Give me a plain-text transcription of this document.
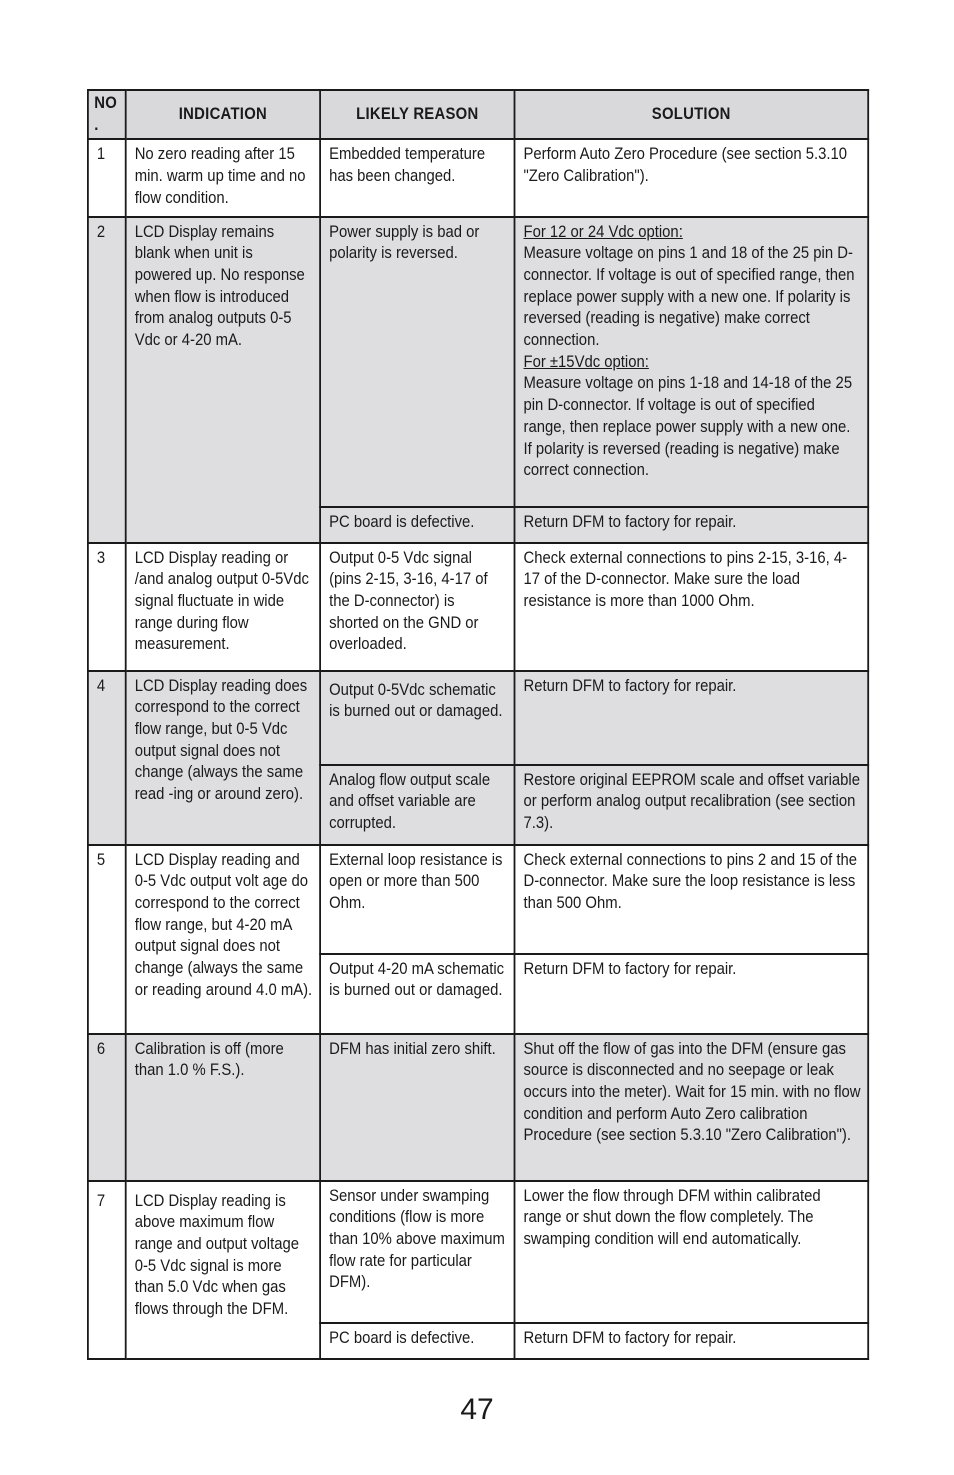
NO.	INDICATION	LIKELY REASON	SOLUTION
1	No zero reading after 15 min. warm up time and no flow condition.	Embedded temperature has been changed.	Perform Auto Zero Procedure (see section 5.3.10 "Zero Calibration").
2	LCD Display remains blank when unit is powered up. No response when flow is introduced from analog outputs 0-5 Vdc or 4-20 mA.	Power supply is bad or polarity is reversed.	For 12 or 24 Vdc option:
Measure voltage on pins 1 and 18 of the 25 pin D-connector. If voltage is out of specified range, then replace power supply with a new one. If polarity is reversed (reading is negative) make correct connection.
For ±15Vdc option:
Measure voltage on pins 1-18 and 14-18 of the 25 pin D-connector. If voltage is out of specified range, then replace power supply with a new one. If polarity is reversed (reading is negative) make correct connection.

		PC board is defective.	Return DFM to factory for repair.
3	LCD Display reading or /and analog output 0-5Vdc signal fluctuate in wide range during flow measurement.	Output 0-5 Vdc signal (pins 2-15, 3-16, 4-17 of the D-connector) is shorted on the GND or overloaded.	Check external connections to pins 2-15, 3-16, 4-17 of the D-connector. Make sure the load resistance is more than 1000 Ohm.
4	LCD Display reading does correspond to the correct flow range, but 0-5 Vdc output signal does not change (always the same read -ing or around zero).	Output 0-5Vdc schematic is burned out or damaged.	Return DFM to factory for repair.
		Analog flow output scale and offset variable are corrupted.	Restore original EEPROM scale and offset variable or perform analog output recalibration (see section 7.3).
5	LCD Display reading and 0-5 Vdc output volt age do correspond to the correct flow range, but 4-20 mA output signal does not change (always the same or reading around 4.0 mA).	External loop resistance is open or more than 500 Ohm.	Check external connections to pins 2 and 15 of the D-connector. Make sure the loop resistance is less than 500 Ohm.
		Output 4-20 mA schematic is burned out or damaged.	Return DFM to factory for repair.
6	Calibration is off (more than 1.0 % F.S.).	DFM has initial zero shift.	Shut off the flow of gas into the DFM (ensure gas source is disconnected and no seepage or leak occurs into the meter). Wait for 15 min. with no flow condition and perform Auto Zero calibration Procedure (see section 5.3.10 "Zero Calibration").
7	LCD Display reading is above maximum flow range and output voltage 0-5 Vdc signal is more than 5.0 Vdc when gas flows through the DFM.	Sensor under swamping conditions (flow is more than 10% above maximum flow rate for particular DFM).	Lower the flow through DFM within calibrated range or shut down the flow completely. The swamping condition will end automatically.
		PC board is defective.	Return DFM to factory for repair.
47
